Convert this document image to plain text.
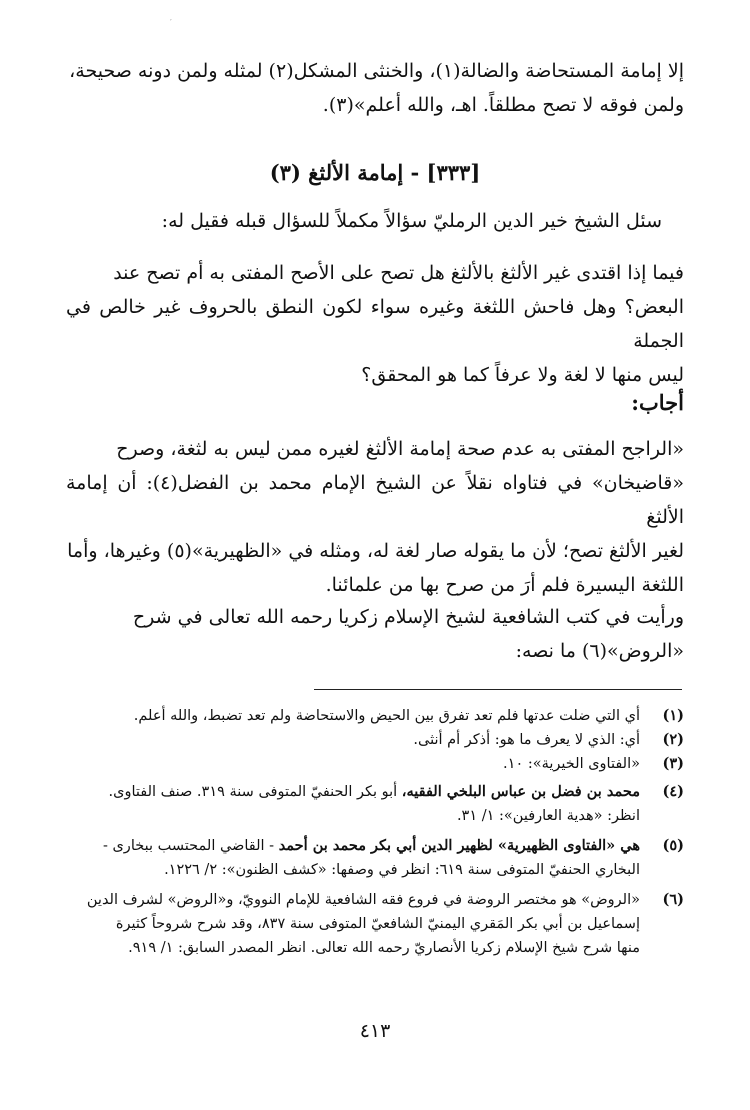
′

إلا إمامة المستحاضة والضالة(١)، والخنثى المشكل(٢) لمثله ولمن دونه صحيحة،
ولمن فوقه لا تصح مطلقاً. اهـ، والله أعلم»(٣).

[٣٣٣] - إمامة الألثغ (٣)

سئل الشيخ خير الدين الرمليّ سؤالاً مكملاً للسؤال قبله فقيل له:

فيما إذا اقتدى غير الألثغ بالألثغ هل تصح على الأصح المفتى به أم تصح عند
البعض؟ وهل فاحش اللثغة وغيره سواء لكون النطق بالحروف غير خالص في الجملة
ليس منها لا لغة ولا عرفاً كما هو المحقق؟

أجاب:

«الراجح المفتى به عدم صحة إمامة الألثغ لغيره ممن ليس به لثغة، وصرح
«قاضيخان» في فتاواه نقلاً عن الشيخ الإمام محمد بن الفضل(٤): أن إمامة الألثغ
لغير الألثغ تصح؛ لأن ما يقوله صار لغة له، ومثله في «الظهيرية»(٥) وغيرها، وأما
اللثغة اليسيرة فلم أرَ من صرح بها من علمائنا.

ورأيت في كتب الشافعية لشيخ الإسلام زكريا رحمه الله تعالى في شرح
«الروض»(٦) ما نصه:

(١)
أي التي ضلت عدتها فلم تعد تفرق بين الحيض والاستحاضة ولم تعد تضبط، والله أعلم.
(٢)
أي: الذي لا يعرف ما هو: أذكر أم أنثى.
(٣)
«الفتاوى الخيرية»: ١٠.
(٤)
محمد بن فضل بن عباس البلخي الفقيه، أبو بكر الحنفيّ المتوفى سنة ٣١٩. صنف الفتاوى.
انظر: «هدية العارفين»: ١/ ٣١.
(٥)
هي «الفتاوى الظهيرية» لظهير الدين أبي بكر محمد بن أحمد - القاضي المحتسب ببخارى -
البخاري الحنفيّ المتوفى سنة ٦١٩: انظر في وصفها: «كشف الظنون»: ٢/ ١٢٢٦.
(٦)
«الروض» هو مختصر الروضة في فروع فقه الشافعية للإمام النوويّ، و«الروض» لشرف الدين
إسماعيل بن أبي بكر المَقري اليمنيّ الشافعيّ المتوفى سنة ٨٣٧، وقد شرح شروحاً كثيرة
منها شرح شيخ الإسلام زكريا الأنصاريّ رحمه الله تعالى. انظر المصدر السابق: ١/ ٩١٩.
٤١٣
